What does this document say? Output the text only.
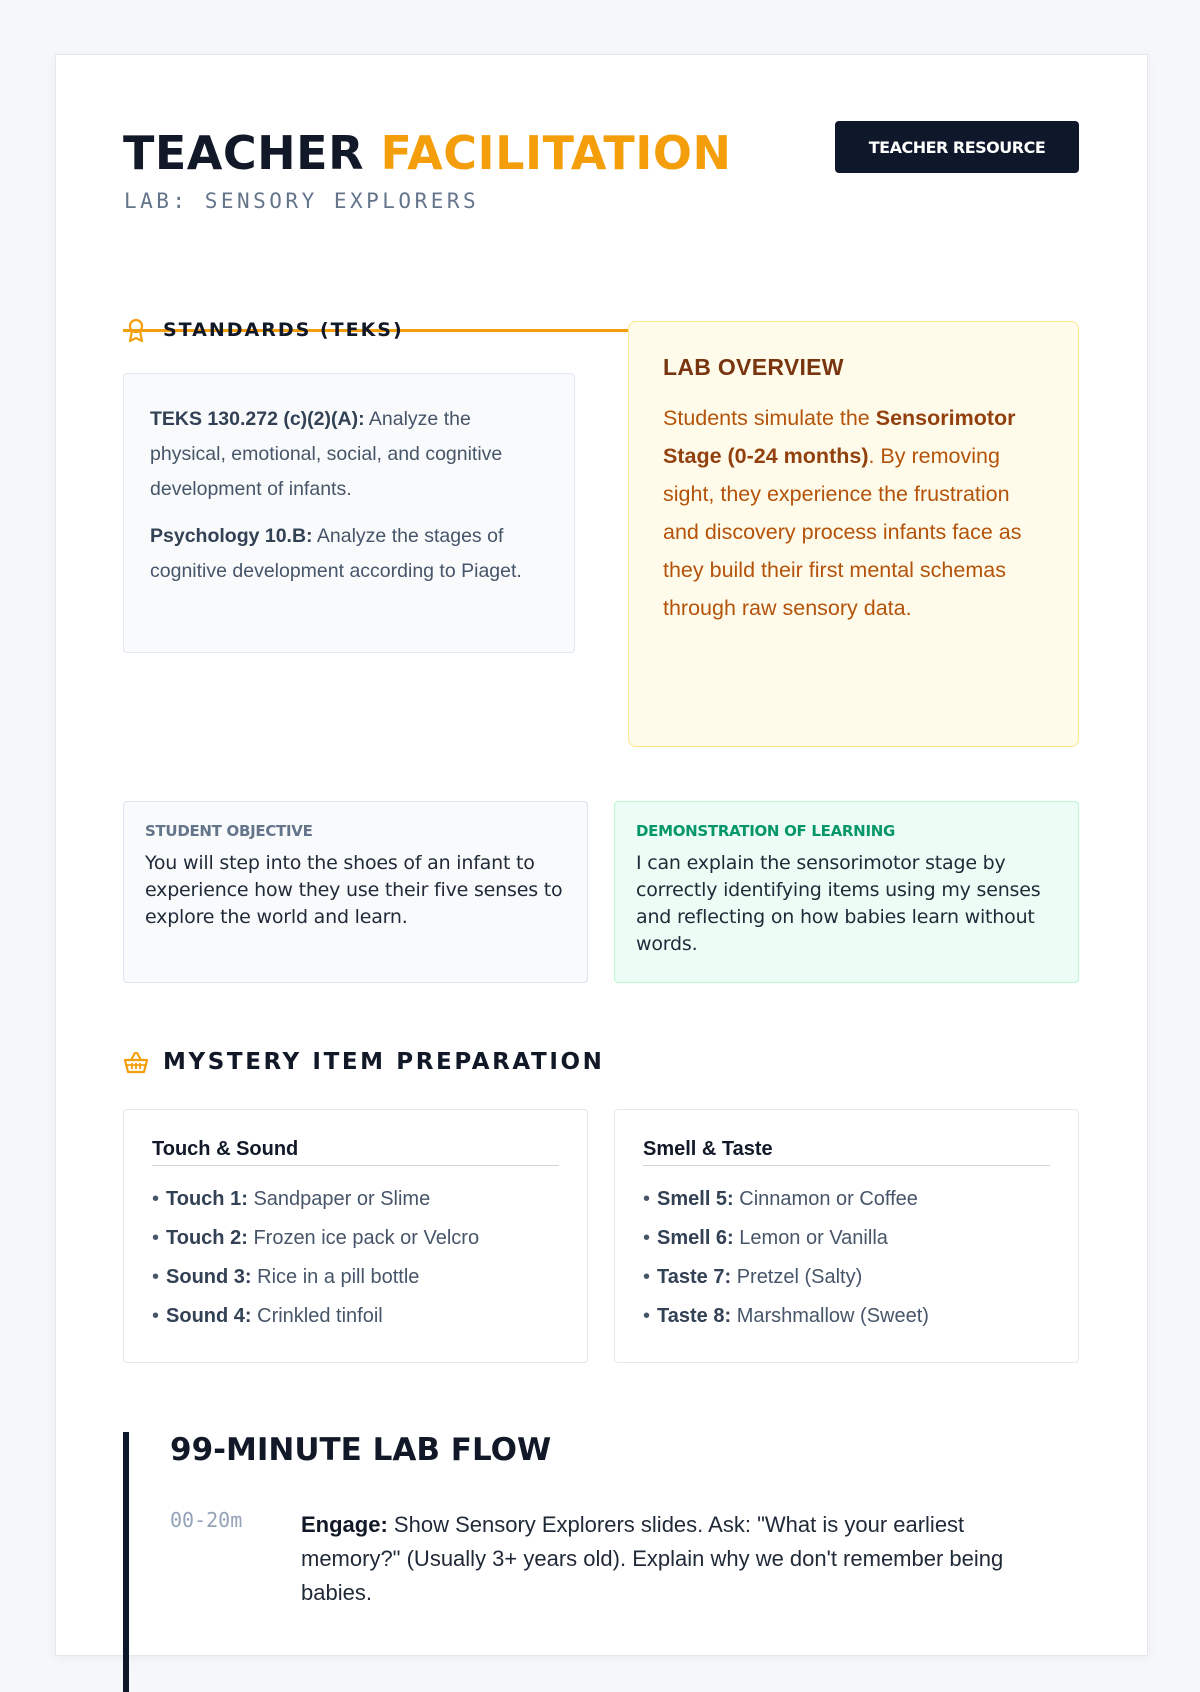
TEACHER FACILITATION
LAB: SENSORY EXPLORERS
TEACHER RESOURCE
STANDARDS (TEKS)

TEKS 130.272 (c)(2)(A): Analyze the physical, emotional, social, and cognitive development of infants.

Psychology 10.B: Analyze the stages of cognitive development according to Piaget.

LAB OVERVIEW

Students simulate the Sensorimotor Stage (0-24 months). By removing sight, they experience the frustration and discovery process infants face as they build their first mental schemas through raw sensory data.

STUDENT OBJECTIVE
You will step into the shoes of an infant to experience how they use their five senses to explore the world and learn.
DEMONSTRATION OF LEARNING
I can explain the sensorimotor stage by correctly identifying items using my senses and reflecting on how babies learn without words.
MYSTERY ITEM PREPARATION
Touch & Sound
• Touch 1: Sandpaper or Slime
• Touch 2: Frozen ice pack or Velcro
• Sound 3: Rice in a pill bottle
• Sound 4: Crinkled tinfoil
Smell & Taste
• Smell 5: Cinnamon or Coffee
• Smell 6: Lemon or Vanilla
• Taste 7: Pretzel (Salty)
• Taste 8: Marshmallow (Sweet)
99-MINUTE LAB FLOW
00-20m	Engage: Show Sensory Explorers slides. Ask: "What is your earliest memory?" (Usually 3+ years old). Explain why we don't remember being babies.
